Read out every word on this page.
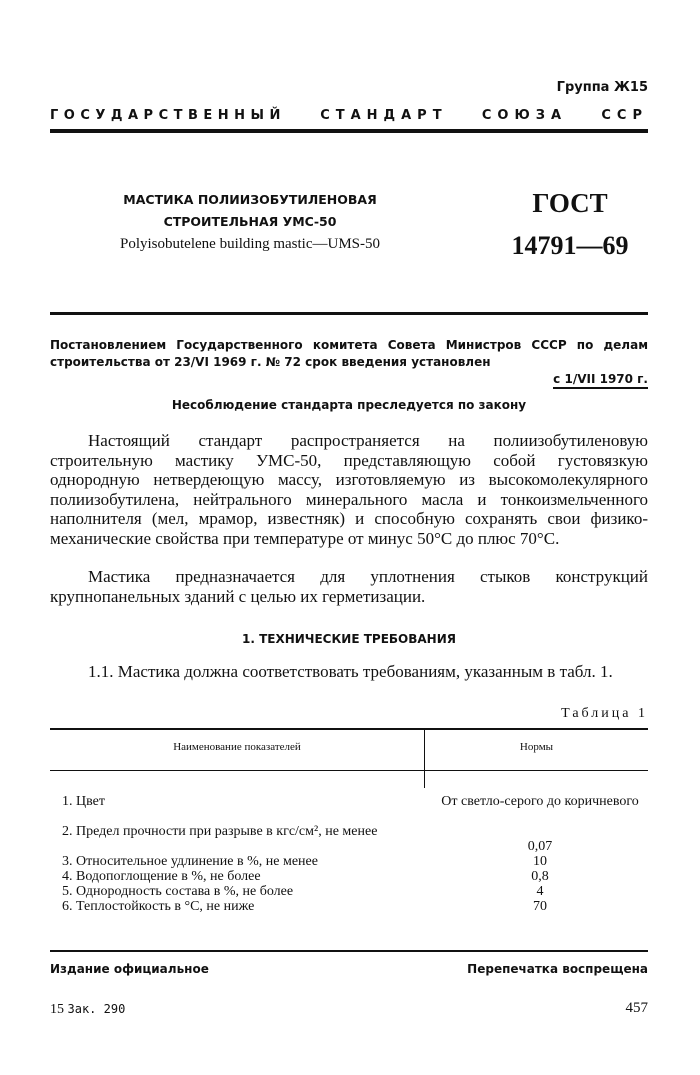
Группа Ж15
ГОСУДАРСТВЕННЫЙ	СТАНДАРТ	СОЮЗА	ССР
МАСТИКА ПОЛИИЗОБУТИЛЕНОВАЯ
СТРОИТЕЛЬНАЯ УМС-50
Polyisobutelene building mastic—UMS-50
ГОСТ
14791—69
Постановлением Государственного комитета Совета Министров СССР по делам строительства от 23/VI 1969 г. № 72 срок введения установлен
с 1/VII 1970 г.
Несоблюдение стандарта преследуется по закону
Настоящий стандарт распространяется на полиизобутиленовую строительную мастику УМС-50, представляющую собой густовязкую однородную нетвердеющую массу, изготовляемую из высокомолекулярного полиизобутилена, нейтрального минерального масла и тонкоизмельченного наполнителя (мел, мрамор, известняк) и способную сохранять свои физико-механические свойства при температуре от минус 50°С до плюс 70°С.
Мастика предназначается для уплотнения стыков конструкций крупнопанельных зданий с целью их герметизации.
1. ТЕХНИЧЕСКИЕ ТРЕБОВАНИЯ
1.1. Мастика должна соответствовать требованиям, указанным в табл. 1.
Таблица 1
Наименование показателей	Нормы
1. Цвет	От светло-серого до коричневого
2. Предел прочности при разрыве в кгс/см², не менее
0,07
3. Относительное удлинение в %, не менее	10
4. Водопоглощение в %, не более	0,8
5. Однородность состава в %, не более	4
6. Теплостойкость в °С, не ниже	70
Издание официальное	Перепечатка воспрещена
15 Зак. 290	457
